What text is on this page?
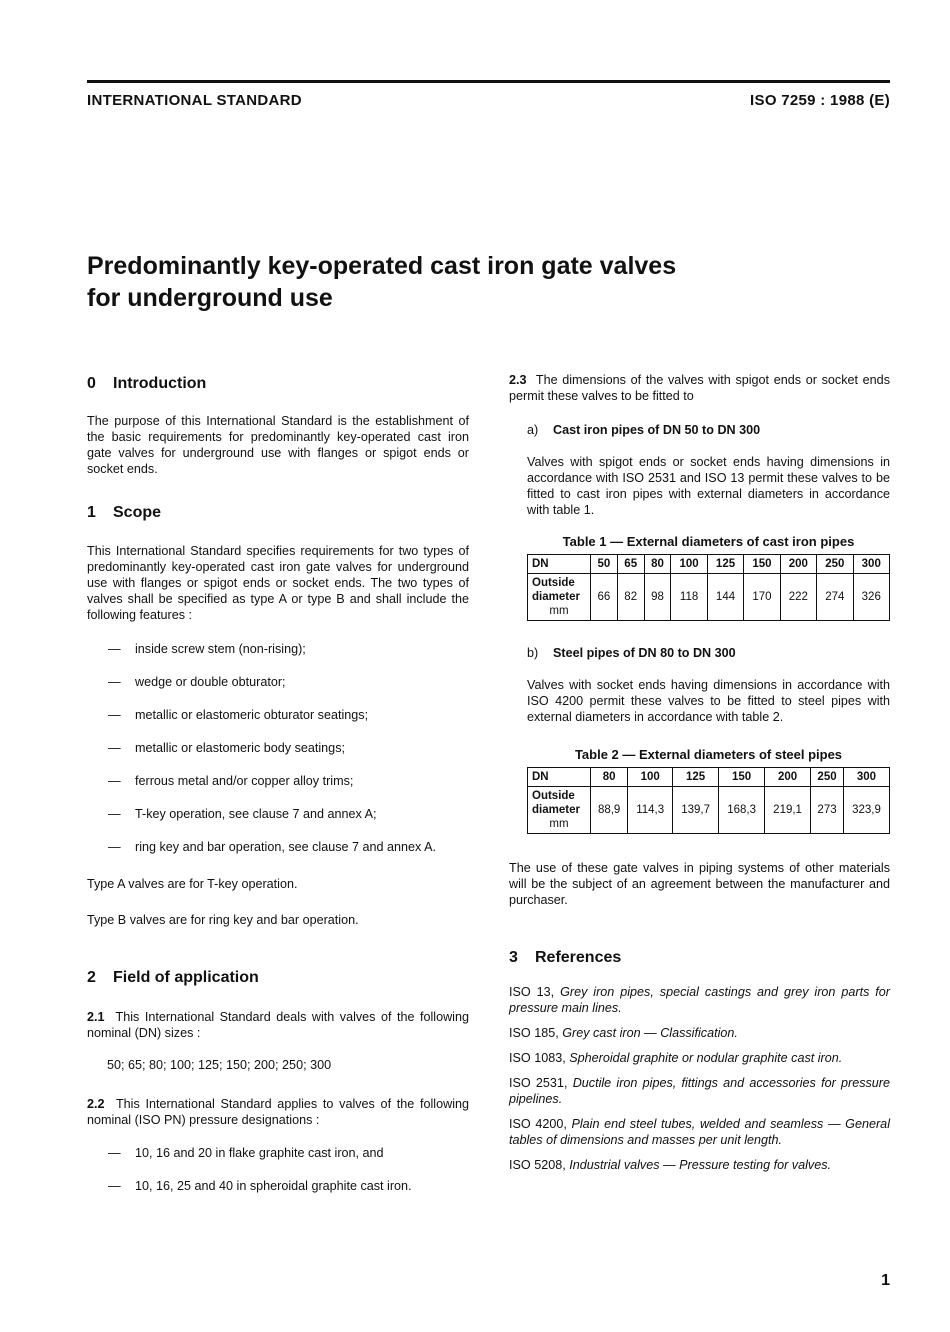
INTERNATIONAL STANDARD	ISO 7259 : 1988 (E)
Predominantly key-operated cast iron gate valves
for underground use
0 Introduction

The purpose of this International Standard is the establishment of the basic requirements for predominantly key-operated cast iron gate valves for underground use with flanges or spigot ends or socket ends.

1 Scope

This International Standard specifies requirements for two types of predominantly key-operated cast iron gate valves for underground use with flanges or spigot ends or socket ends. The two types of valves shall be specified as type A or type B and shall include the following features :

— inside screw stem (non-rising);
— wedge or double obturator;
— metallic or elastomeric obturator seatings;
— metallic or elastomeric body seatings;
— ferrous metal and/or copper alloy trims;
— T-key operation, see clause 7 and annex A;
— ring key and bar operation, see clause 7 and annex A.

Type A valves are for T-key operation.

Type B valves are for ring key and bar operation.

2 Field of application

2.1 This International Standard deals with valves of the following nominal (DN) sizes :

50; 65; 80; 100; 125; 150; 200; 250; 300

2.2 This International Standard applies to valves of the following nominal (ISO PN) pressure designations :

— 10, 16 and 20 in flake graphite cast iron, and
— 10, 16, 25 and 40 in spheroidal graphite cast iron.

2.3 The dimensions of the valves with spigot ends or socket ends permit these valves to be fitted to

a)	Cast iron pipes of DN 50 to DN 300

Valves with spigot ends or socket ends having dimensions in accordance with ISO 2531 and ISO 13 permit these valves to be fitted to cast iron pipes with external diameters in accordance with table 1.

Table 1 — External diameters of cast iron pipes
DN	50	65	80	100	125	150	200	250	300
Outside
diameter
mm	66	82	98	118	144	170	222	274	326
b)	Steel pipes of DN 80 to DN 300

Valves with socket ends having dimensions in accordance with ISO 4200 permit these valves to be fitted to steel pipes with external diameters in accordance with table 2.

Table 2 — External diameters of steel pipes
DN	80	100	125	150	200	250	300
Outside
diameter
mm	88,9	114,3	139,7	168,3	219,1	273	323,9

The use of these gate valves in piping systems of other materials will be the subject of an agreement between the manufacturer and purchaser.

3 References

ISO 13, Grey iron pipes, special castings and grey iron parts for pressure main lines.

ISO 185, Grey cast iron — Classification.

ISO 1083, Spheroidal graphite or nodular graphite cast iron.

ISO 2531, Ductile iron pipes, fittings and accessories for pressure pipelines.

ISO 4200, Plain end steel tubes, welded and seamless — General tables of dimensions and masses per unit length.

ISO 5208, Industrial valves — Pressure testing for valves.

1
